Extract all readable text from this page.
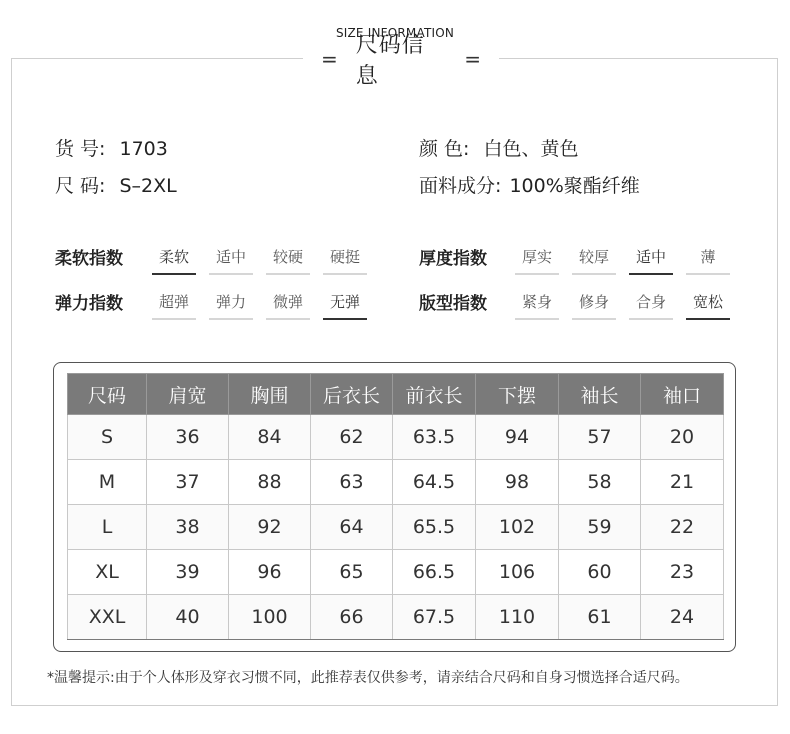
SIZE INFORMATION
=
尺码信息
=
货 号: 1703
尺 码: S–2XL
颜 色: 白色、黄色
面料成分: 100%聚酯纤维
柔软指数	柔软	适中	较硬	硬挺
弹力指数	超弹	弹力	微弹	无弹
厚度指数	厚实	较厚	适中	薄
版型指数	紧身	修身	合身	宽松
尺码	肩宽	胸围	后衣长	前衣长	下摆	袖长	袖口
S	36	84	62	63.5	94	57	20
M	37	88	63	64.5	98	58	21
L	38	92	64	65.5	102	59	22
XL	39	96	65	66.5	106	60	23
XXL	40	100	66	67.5	110	61	24
*温馨提示:由于个人体形及穿衣习惯不同，此推荐表仅供参考，请亲结合尺码和自身习惯选择合适尺码。
